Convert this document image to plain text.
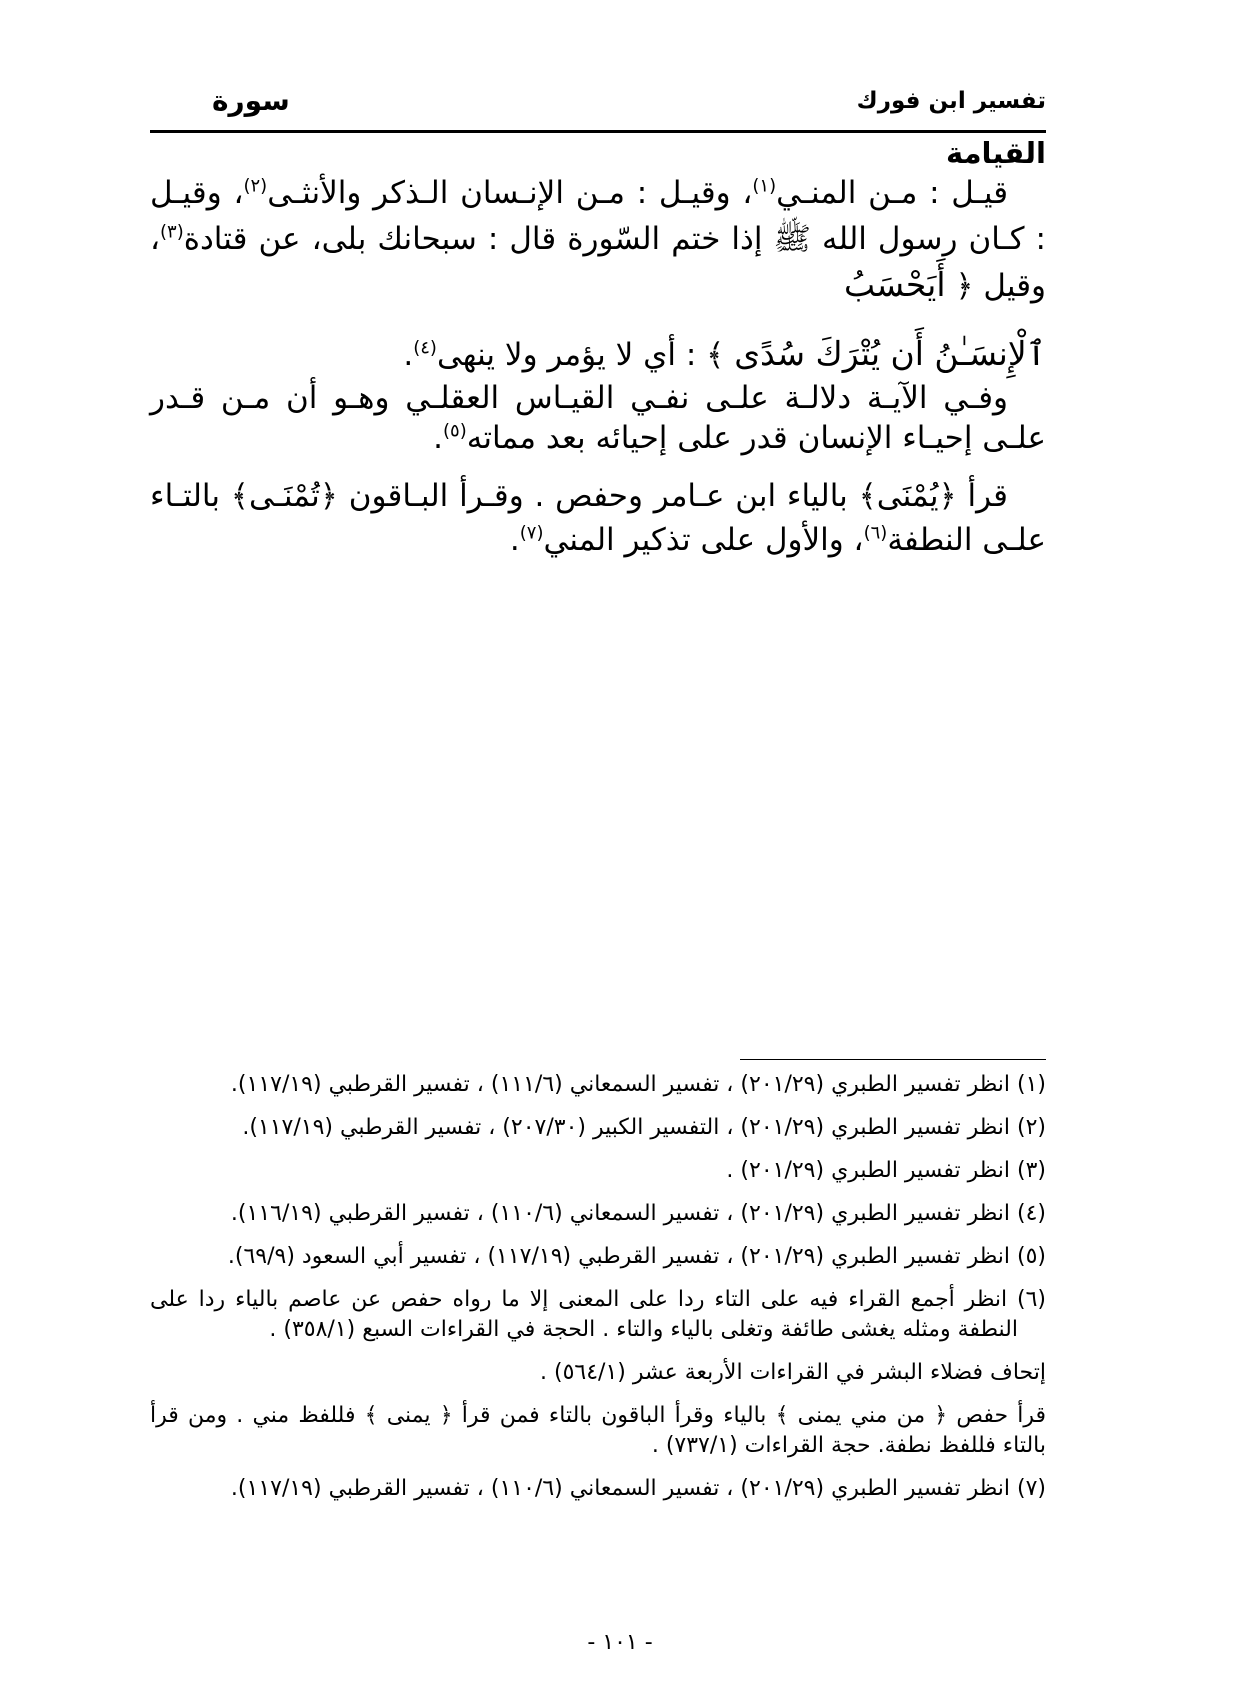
تفسير ابن فورك
سورة
القيامة
قيـل : مـن المنـي$^{(١)}$، وقيـل : مـن الإنـسان الـذكر والأنثـى$^{(٢)}$، وقيـل : كـان رسول الله ﷺ إذا ختم السّورة قال : سبحانك بلى، عن قتادة$^{(٣)}$، وقيل ﴿ أَيَحْسَبُ
ٱلْإِنسَـٰنُ أَن يُتْرَكَ سُدًى ﴾ : أي لا يؤمر ولا ينهى$^{(٤)}$.
وفـي الآيـة دلالـة علـى نفـي القيـاس العقلـي وهـو أن مـن قـدر علـى إحيـاء الإنسان قدر على إحيائه بعد مماته$^{(٥)}$.
قرأ ﴿يُمْنَى﴾ بالياء ابن عـامر وحفص . وقـرأ البـاقون ﴿تُمْنَـى﴾ بالتـاء علـى النطفة$^{(٦)}$، والأول على تذكير المني$^{(٧)}$.

(١) انظر تفسير الطبري (٢٠١/٢٩) ، تفسير السمعاني (١١١/٦) ، تفسير القرطبي (١١٧/١٩).

(٢) انظر تفسير الطبري (٢٠١/٢٩) ، التفسير الكبير (٢٠٧/٣٠) ، تفسير القرطبي (١١٧/١٩).

(٣) انظر تفسير الطبري (٢٠١/٢٩) .

(٤) انظر تفسير الطبري (٢٠١/٢٩) ، تفسير السمعاني (١١٠/٦) ، تفسير القرطبي (١١٦/١٩).

(٥) انظر تفسير الطبري (٢٠١/٢٩) ، تفسير القرطبي (١١٧/١٩) ، تفسير أبي السعود (٦٩/٩).

(٦) انظر أجمع القراء فيه على التاء ردا على المعنى إلا ما رواه حفص عن عاصم بالياء ردا على النطفة ومثله يغشى طائفة وتغلى بالياء والتاء . الحجة في القراءات السبع (٣٥٨/١) .

إتحاف فضلاء البشر في القراءات الأربعة عشر (٥٦٤/١) .

قرأ حفص ﴿ من مني يمنى ﴾ بالياء وقرأ الباقون بالتاء فمن قرأ ﴿ يمنى ﴾ فللفظ مني . ومن قرأ بالتاء فللفظ نطفة. حجة القراءات (٧٣٧/١) .

(٧) انظر تفسير الطبري (٢٠١/٢٩) ، تفسير السمعاني (١١٠/٦) ، تفسير القرطبي (١١٧/١٩).

- ١٠١ -
